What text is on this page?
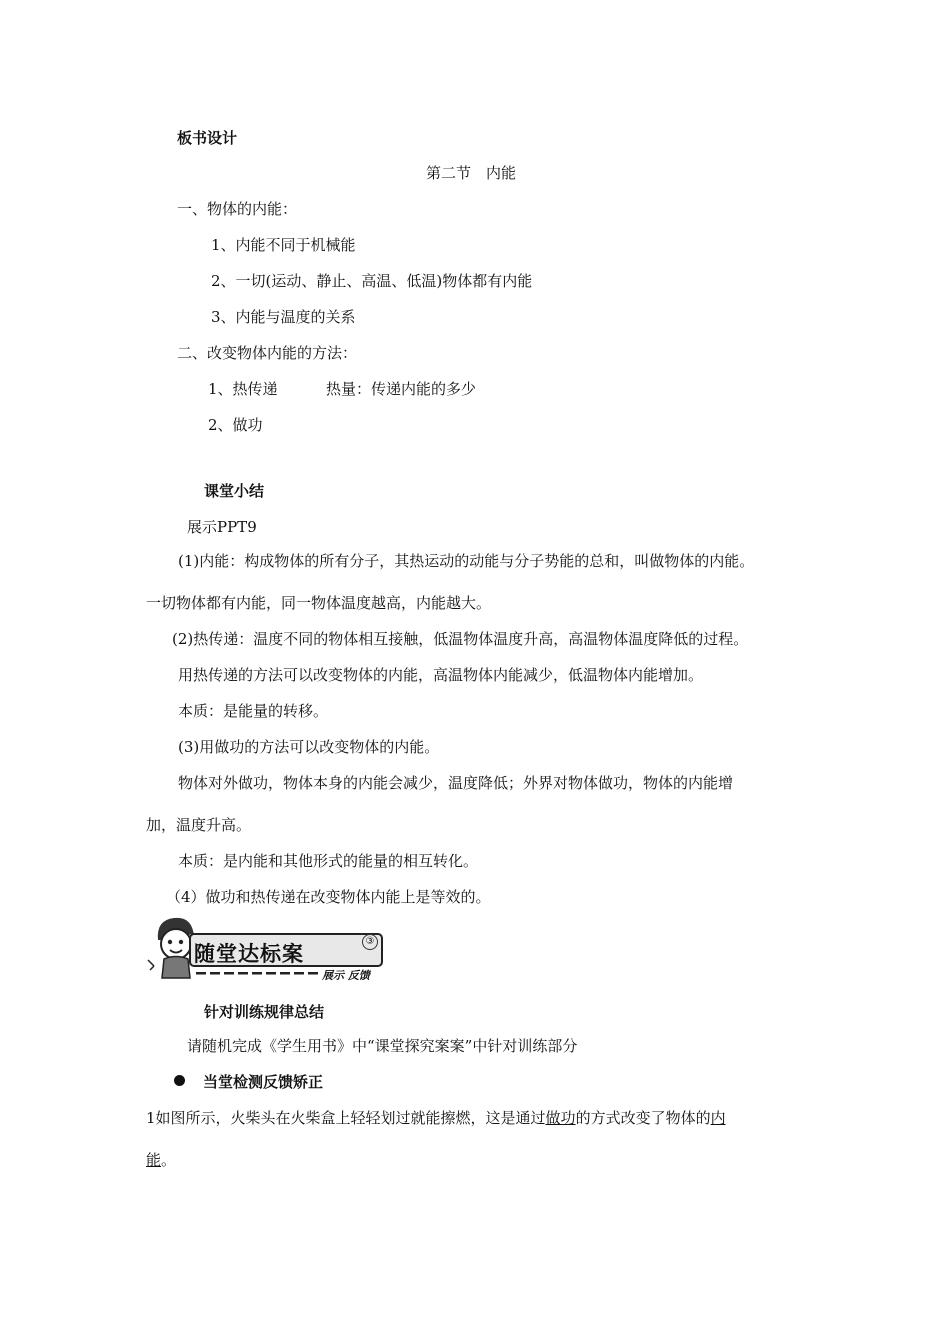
板书设计
第二节　内能
一、物体的内能：
1、内能不同于机械能
2、一切(运动、静止、高温、低温)物体都有内能
3、内能与温度的关系
二、改变物体内能的方法：
1、热传递	热量：传递内能的多少
2、做功
课堂小结
展示PPT9
(1)内能：构成物体的所有分子，其热运动的动能与分子势能的总和，叫做物体的内能。
一切物体都有内能，同一物体温度越高，内能越大。
(2)热传递：温度不同的物体相互接触，低温物体温度升高，高温物体温度降低的过程。
用热传递的方法可以改变物体的内能，高温物体内能减少，低温物体内能增加。
本质：是能量的转移。
(3)用做功的方法可以改变物体的内能。
物体对外做功，物体本身的内能会减少，温度降低；外界对物体做功，物体的内能增
加，温度升高。
本质：是内能和其他形式的能量的相互转化。
（4）做功和热传递在改变物体内能上是等效的。
随堂达标案
③
展示 反馈
针对训练规律总结
请随机完成《学生用书》中“课堂探究案案”中针对训练部分
当堂检测反馈矫正
1如图所示，火柴头在火柴盒上轻轻划过就能擦燃，这是通过做功的方式改变了物体的内
能。
